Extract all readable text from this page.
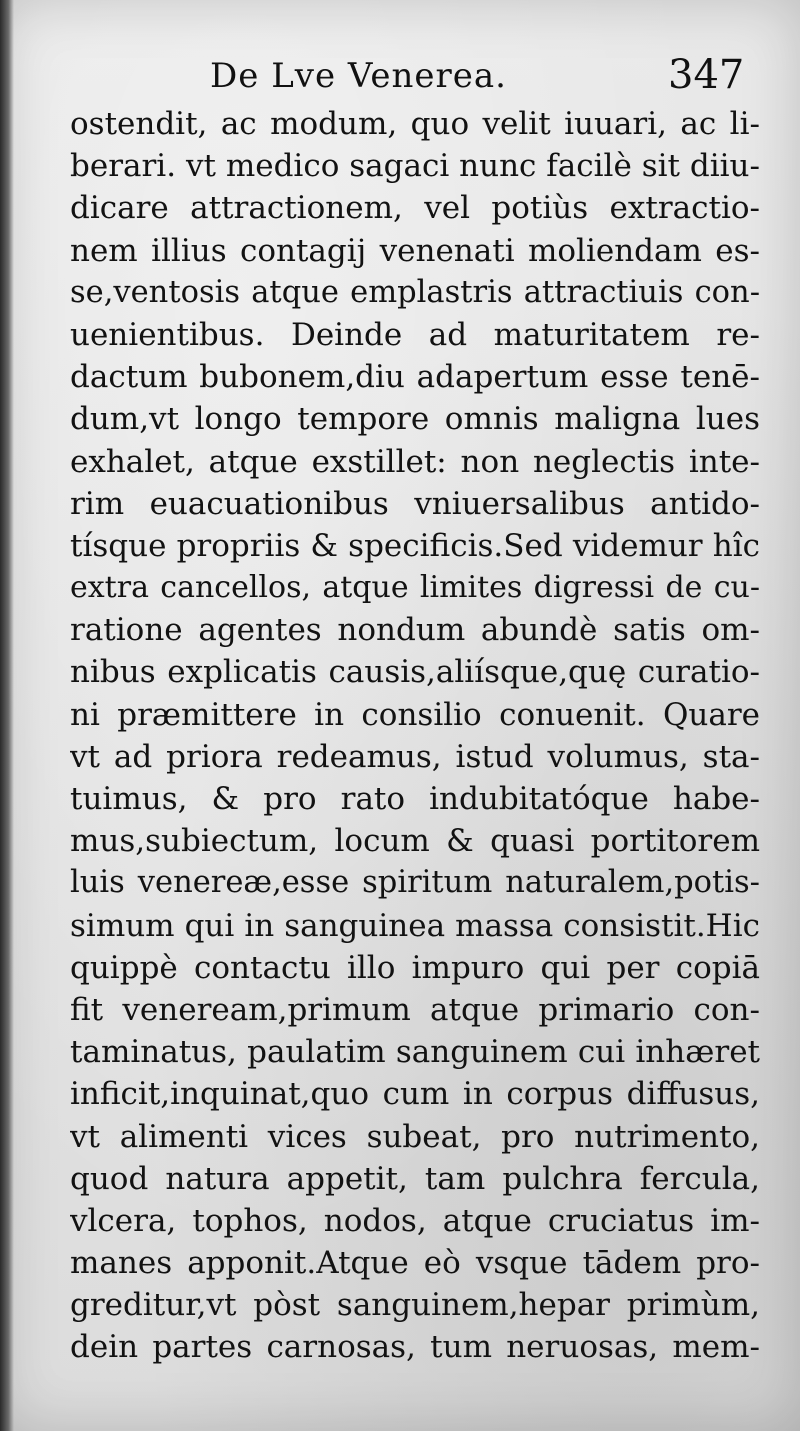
De Lve Venerea.	347
ostendit, ac modum, quo velit iuuari, ac li-
berari. vt medico sagaci nunc facilè sit diiu-
dicare attractionem, vel potiùs extractio-
nem illius contagij venenati moliendam es-
se,ventosis atque emplastris attractiuis con-
uenientibus. Deinde ad maturitatem re-
dactum bubonem,diu adapertum esse tenē-
dum,vt longo tempore omnis maligna lues
exhalet, atque exstillet: non neglectis inte-
rim euacuationibus vniuersalibus antido-
tísque propriis & specificis.Sed videmur hîc
extra cancellos, atque limites digressi de cu-
ratione agentes nondum abundè satis om-
nibus explicatis causis,aliísque,quę curatio-
ni præmittere in consilio conuenit. Quare
vt ad priora redeamus, istud volumus, sta-
tuimus, & pro rato indubitatóque habe-
mus,subiectum, locum & quasi portitorem
luis venereæ,esse spiritum naturalem,potis-
simum qui in sanguinea massa consistit.Hic
quippè contactu illo impuro qui per copiā
fit veneream,primum atque primario con-
taminatus, paulatim sanguinem cui inhæret
inficit,inquinat,quo cum in corpus diffusus,
vt alimenti vices subeat, pro nutrimento,
quod natura appetit, tam pulchra fercula,
vlcera, tophos, nodos, atque cruciatus im-
manes apponit.Atque eò vsque tādem pro-
greditur,vt pòst sanguinem,hepar primùm,
dein partes carnosas, tum neruosas, mem-
